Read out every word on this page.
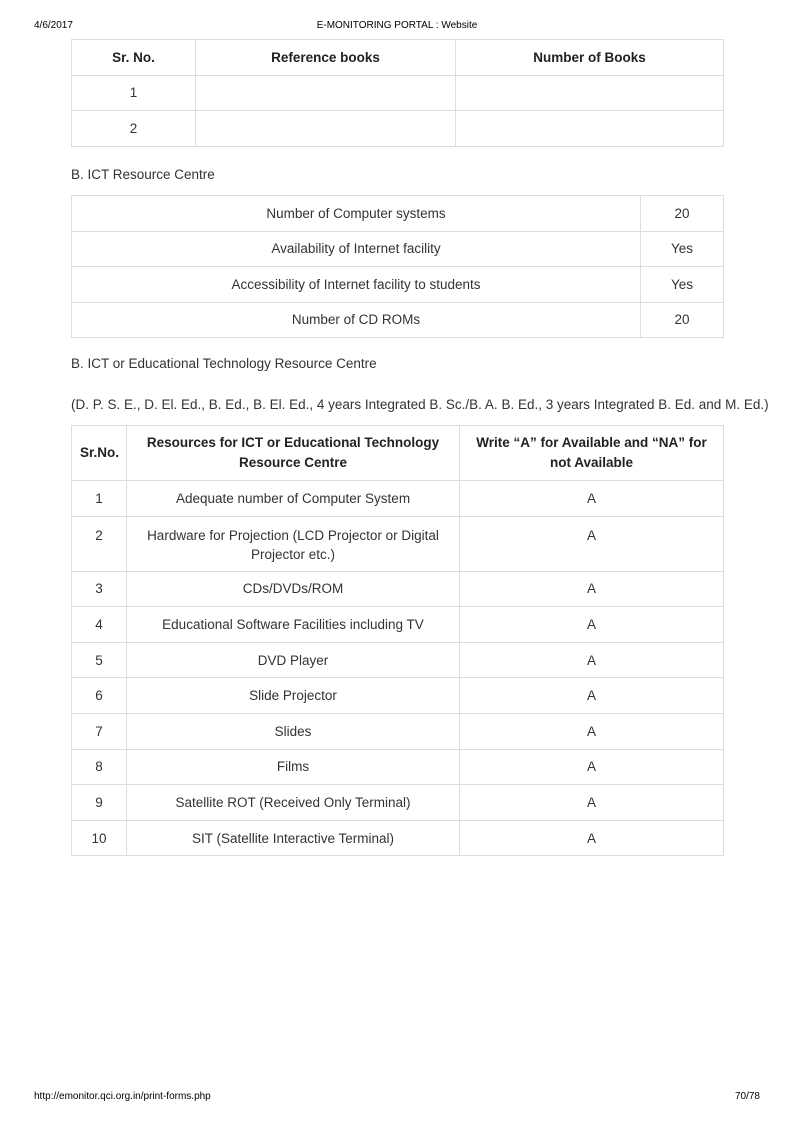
4/6/2017	E-MONITORING PORTAL : Website
Sr. No.	Reference books	Number of Books
1		
2		
B. ICT Resource Centre
Number of Computer systems	20
Availability of Internet facility	Yes
Accessibility of Internet facility to students	Yes
Number of CD ROMs	20
B. ICT or Educational Technology Resource Centre
(D. P. S. E., D. El. Ed., B. Ed., B. El. Ed., 4 years Integrated B. Sc./B. A. B. Ed., 3 years Integrated B. Ed. and M. Ed.)
Sr.No.	Resources for ICT or Educational Technology Resource Centre	Write “A” for Available and “NA” for not Available
1	Adequate number of Computer System	A
2	Hardware for Projection (LCD Projector or Digital Projector etc.)	A
3	CDs/DVDs/ROM	A
4	Educational Software Facilities including TV	A
5	DVD Player	A
6	Slide Projector	A
7	Slides	A
8	Films	A
9	Satellite ROT (Received Only Terminal)	A
10	SIT (Satellite Interactive Terminal)	A
http://emonitor.qci.org.in/print-forms.php	70/78
